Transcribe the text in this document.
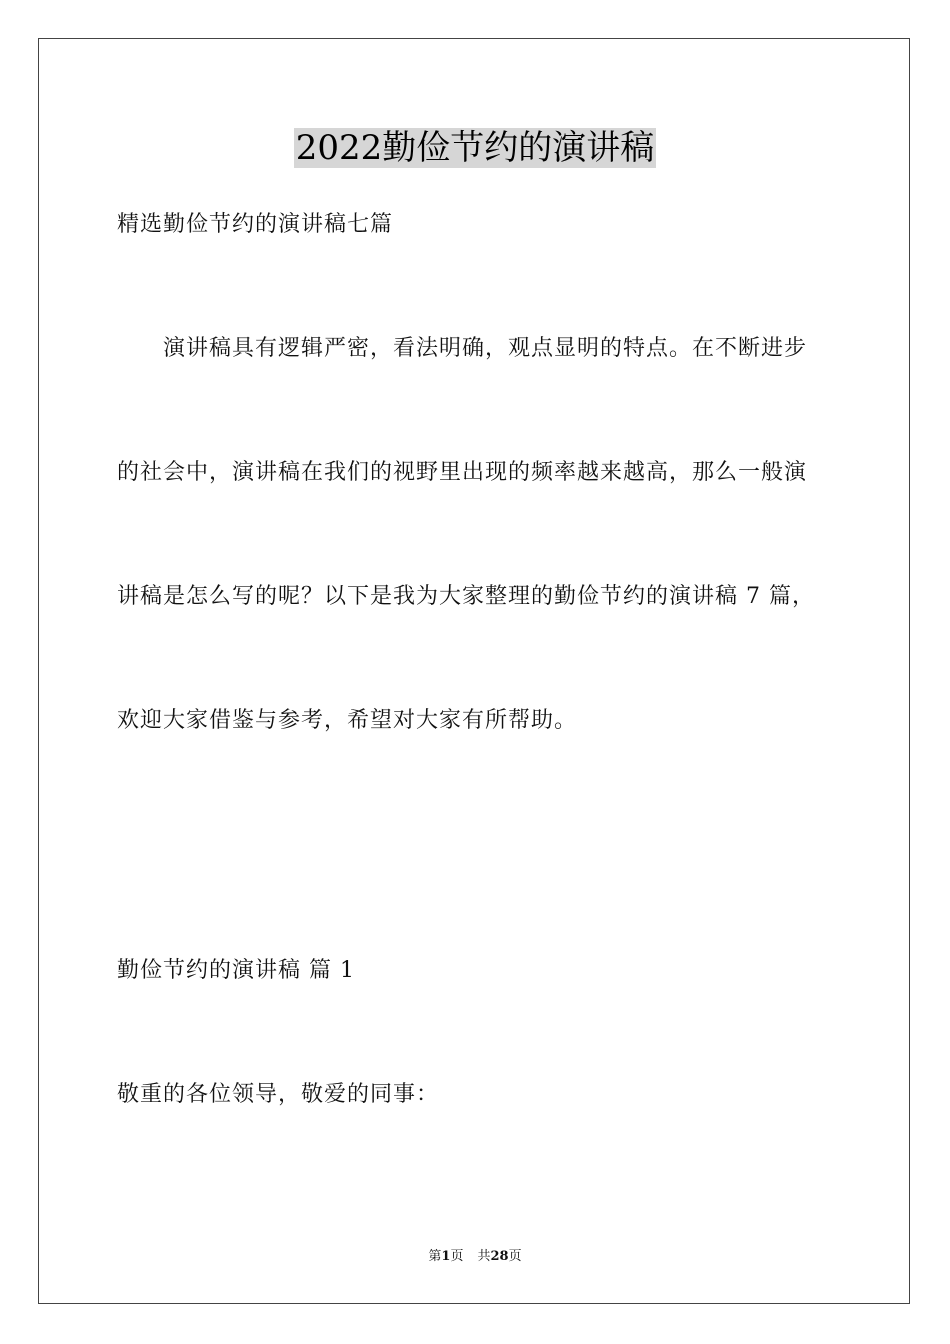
2022勤俭节约的演讲稿
精选勤俭节约的演讲稿七篇
演讲稿具有逻辑严密，看法明确，观点显明的特点。在不断进步
的社会中，演讲稿在我们的视野里出现的频率越来越高，那么一般演
讲稿是怎么写的呢？以下是我为大家整理的勤俭节约的演讲稿 7 篇，
欢迎大家借鉴与参考，希望对大家有所帮助。
勤俭节约的演讲稿 篇 1
敬重的各位领导，敬爱的同事：
第1页 共28页
